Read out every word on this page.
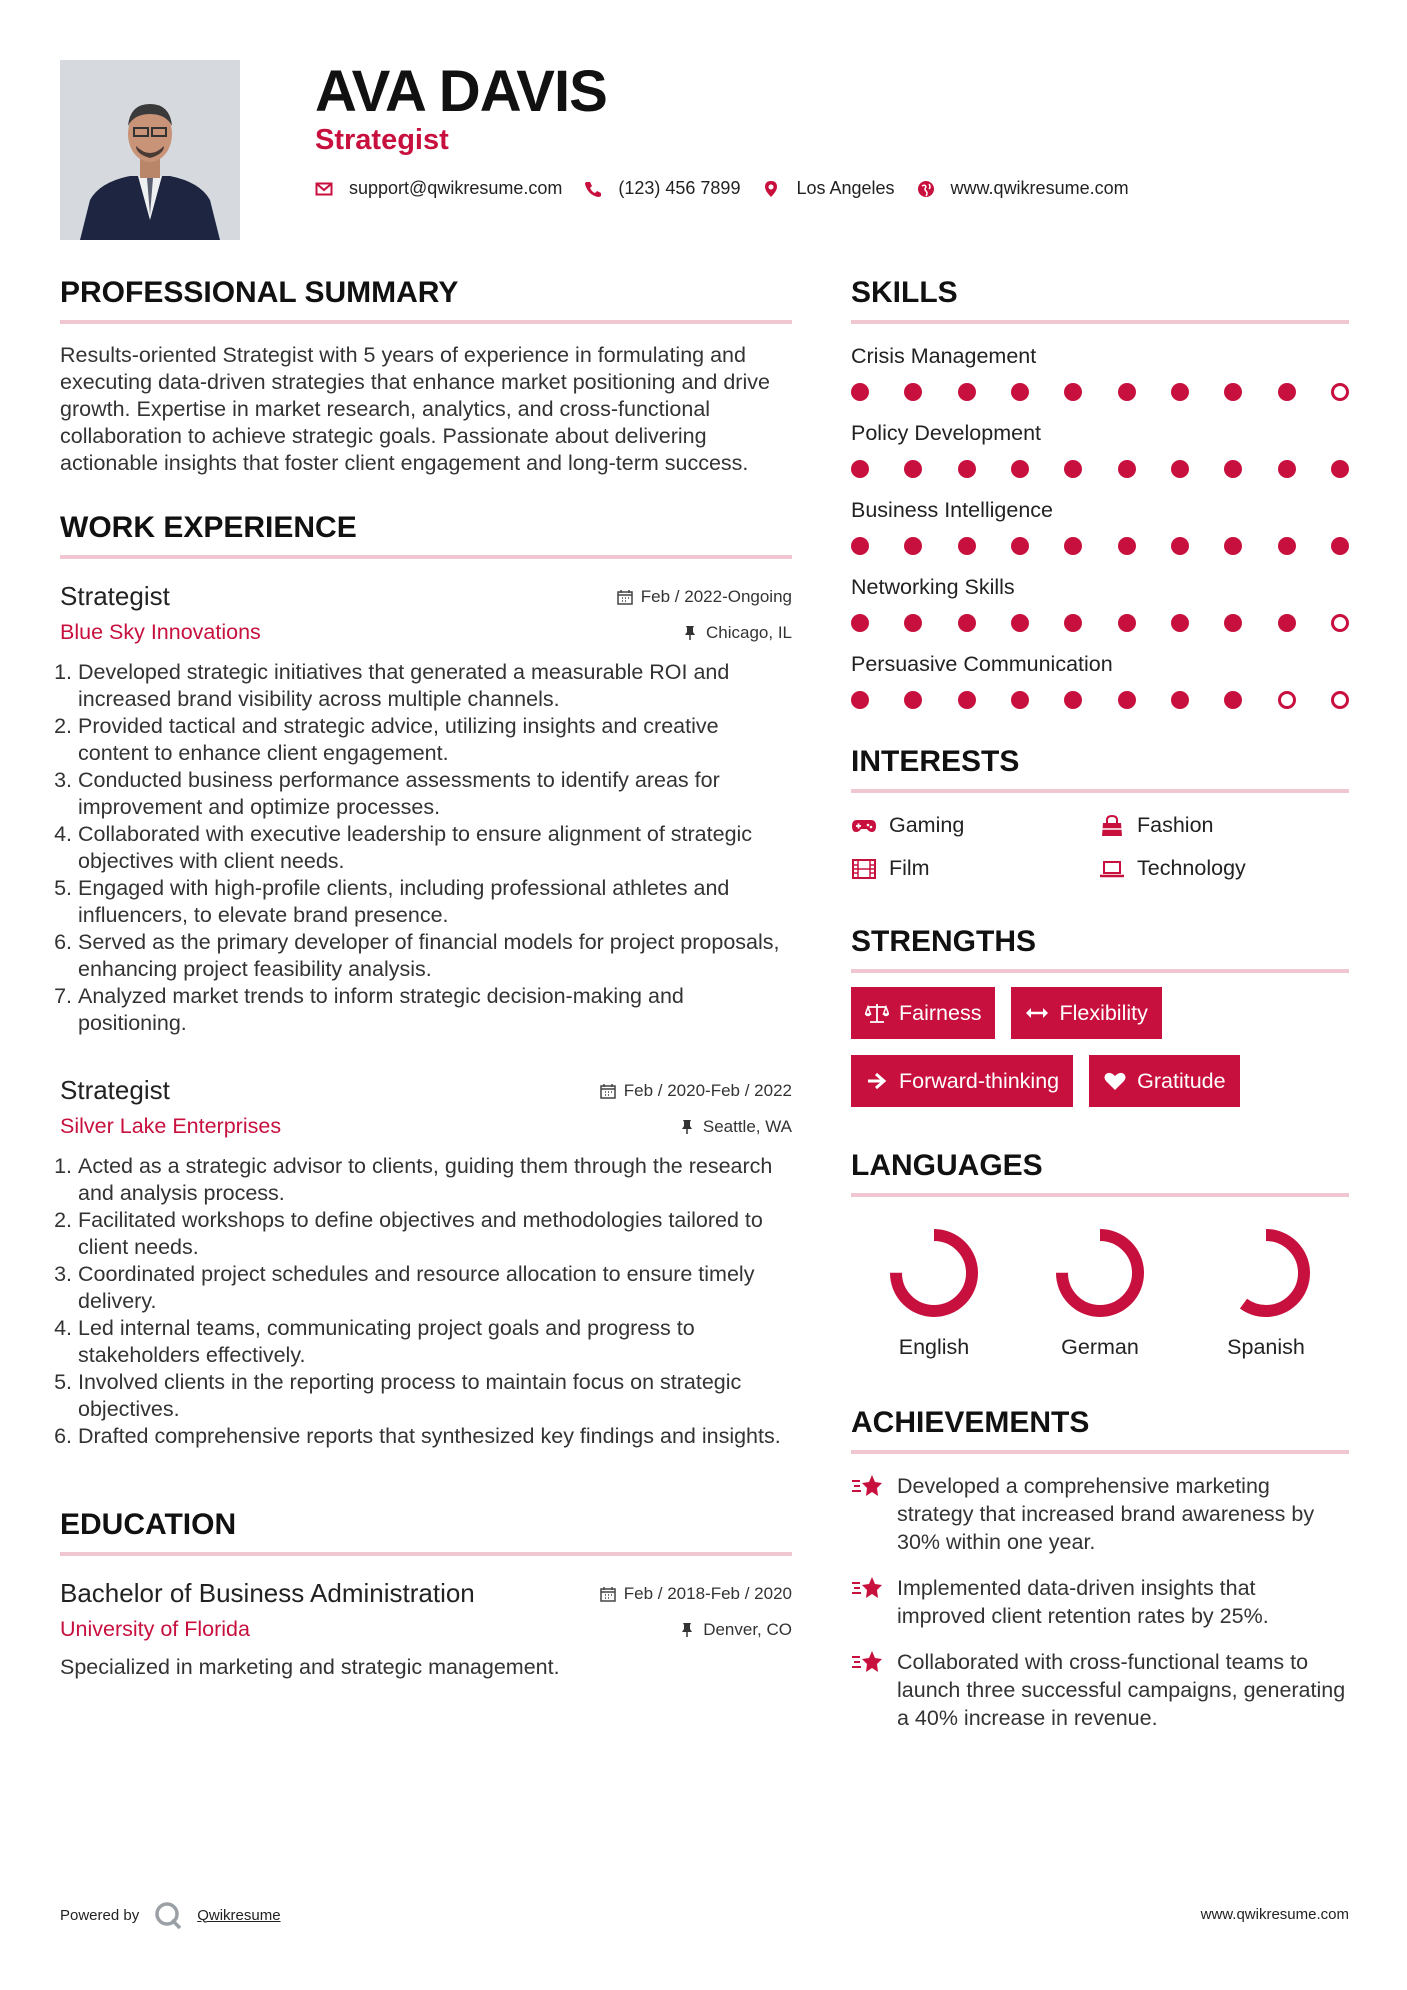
AVA DAVIS
Strategist
support@qwikresume.com	(123) 456 7899	Los Angeles	www.qwikresume.com
PROFESSIONAL SUMMARY

Results-oriented Strategist with 5 years of experience in formulating and executing data-driven strategies that enhance market positioning and drive growth. Expertise in market research, analytics, and cross-functional collaboration to achieve strategic goals. Passionate about delivering actionable insights that foster client engagement and long-term success.

WORK EXPERIENCE
Strategist	Feb / 2022-Ongoing
Blue Sky Innovations	Chicago, IL
1. Developed strategic initiatives that generated a measurable ROI and increased brand visibility across multiple channels.
2. Provided tactical and strategic advice, utilizing insights and creative content to enhance client engagement.
3. Conducted business performance assessments to identify areas for improvement and optimize processes.
4. Collaborated with executive leadership to ensure alignment of strategic objectives with client needs.
5. Engaged with high-profile clients, including professional athletes and influencers, to elevate brand presence.
6. Served as the primary developer of financial models for project proposals, enhancing project feasibility analysis.
7. Analyzed market trends to inform strategic decision-making and positioning.
Strategist	Feb / 2020-Feb / 2022
Silver Lake Enterprises	Seattle, WA
1. Acted as a strategic advisor to clients, guiding them through the research and analysis process.
2. Facilitated workshops to define objectives and methodologies tailored to client needs.
3. Coordinated project schedules and resource allocation to ensure timely delivery.
4. Led internal teams, communicating project goals and progress to stakeholders effectively.
5. Involved clients in the reporting process to maintain focus on strategic objectives.
6. Drafted comprehensive reports that synthesized key findings and insights.
EDUCATION
Bachelor of Business Administration	Feb / 2018-Feb / 2020
University of Florida	Denver, CO

Specialized in marketing and strategic management.

SKILLS
Crisis Management
Policy Development
Business Intelligence
Networking Skills
Persuasive Communication
INTERESTS
Gaming	Fashion
Film	Technology
STRENGTHS
Fairness	Flexibility
Forward-thinking	Gratitude
LANGUAGES
English	German	Spanish
ACHIEVEMENTS
Developed a comprehensive marketing strategy that increased brand awareness by 30% within one year.
Implemented data-driven insights that improved client retention rates by 25%.
Collaborated with cross-functional teams to launch three successful campaigns, generating a 40% increase in revenue.
Powered by	Qwikresume	www.qwikresume.com
